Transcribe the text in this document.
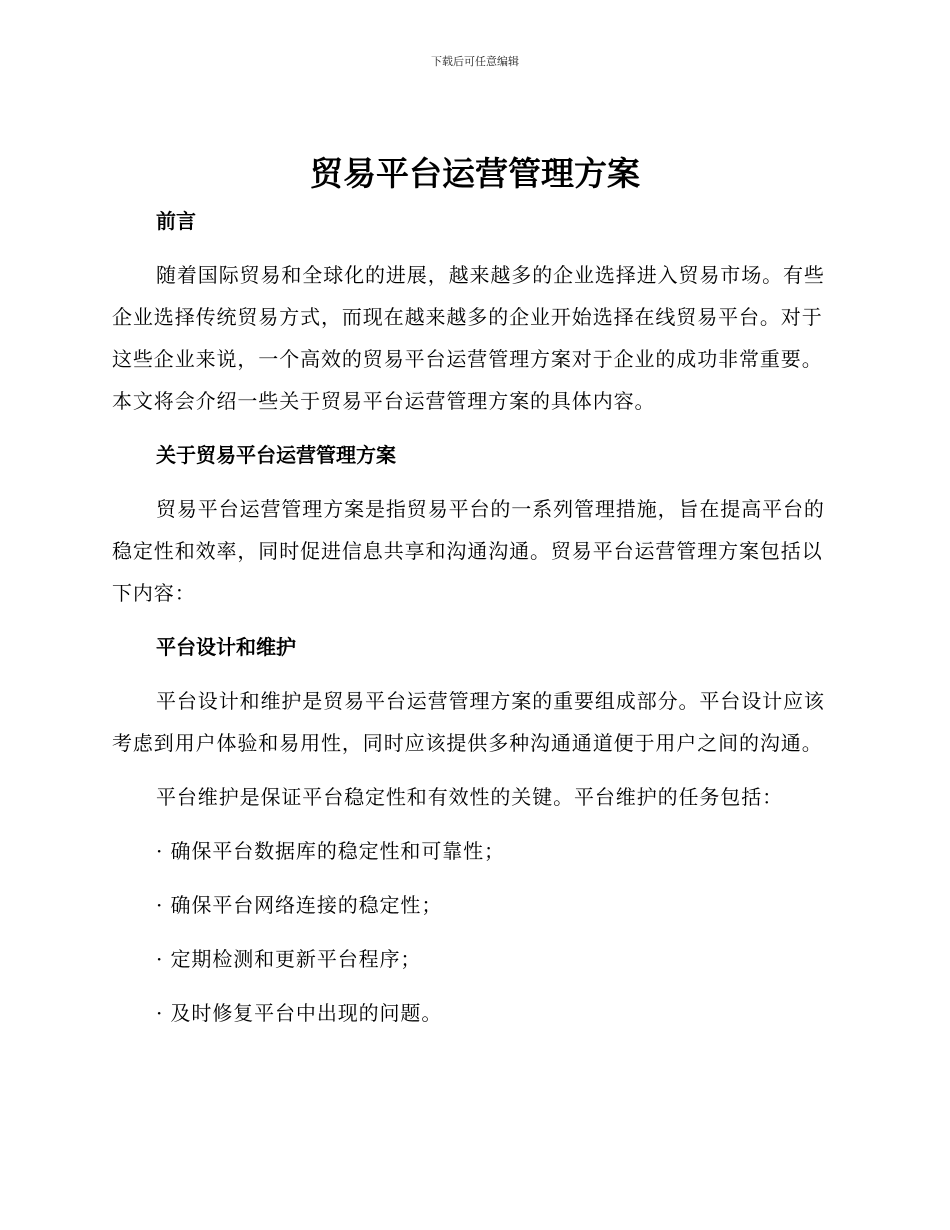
下载后可任意编辑
贸易平台运营管理方案

前言

随着国际贸易和全球化的进展，越来越多的企业选择进入贸易市场。有些企业选择传统贸易方式，而现在越来越多的企业开始选择在线贸易平台。对于这些企业来说，一个高效的贸易平台运营管理方案对于企业的成功非常重要。本文将会介绍一些关于贸易平台运营管理方案的具体内容。

关于贸易平台运营管理方案

贸易平台运营管理方案是指贸易平台的一系列管理措施，旨在提高平台的稳定性和效率，同时促进信息共享和沟通沟通。贸易平台运营管理方案包括以下内容：

平台设计和维护

平台设计和维护是贸易平台运营管理方案的重要组成部分。平台设计应该考虑到用户体验和易用性，同时应该提供多种沟通通道便于用户之间的沟通。

平台维护是保证平台稳定性和有效性的关键。平台维护的任务包括：

· 确保平台数据库的稳定性和可靠性；

· 确保平台网络连接的稳定性；

· 定期检测和更新平台程序；

· 及时修复平台中出现的问题。
